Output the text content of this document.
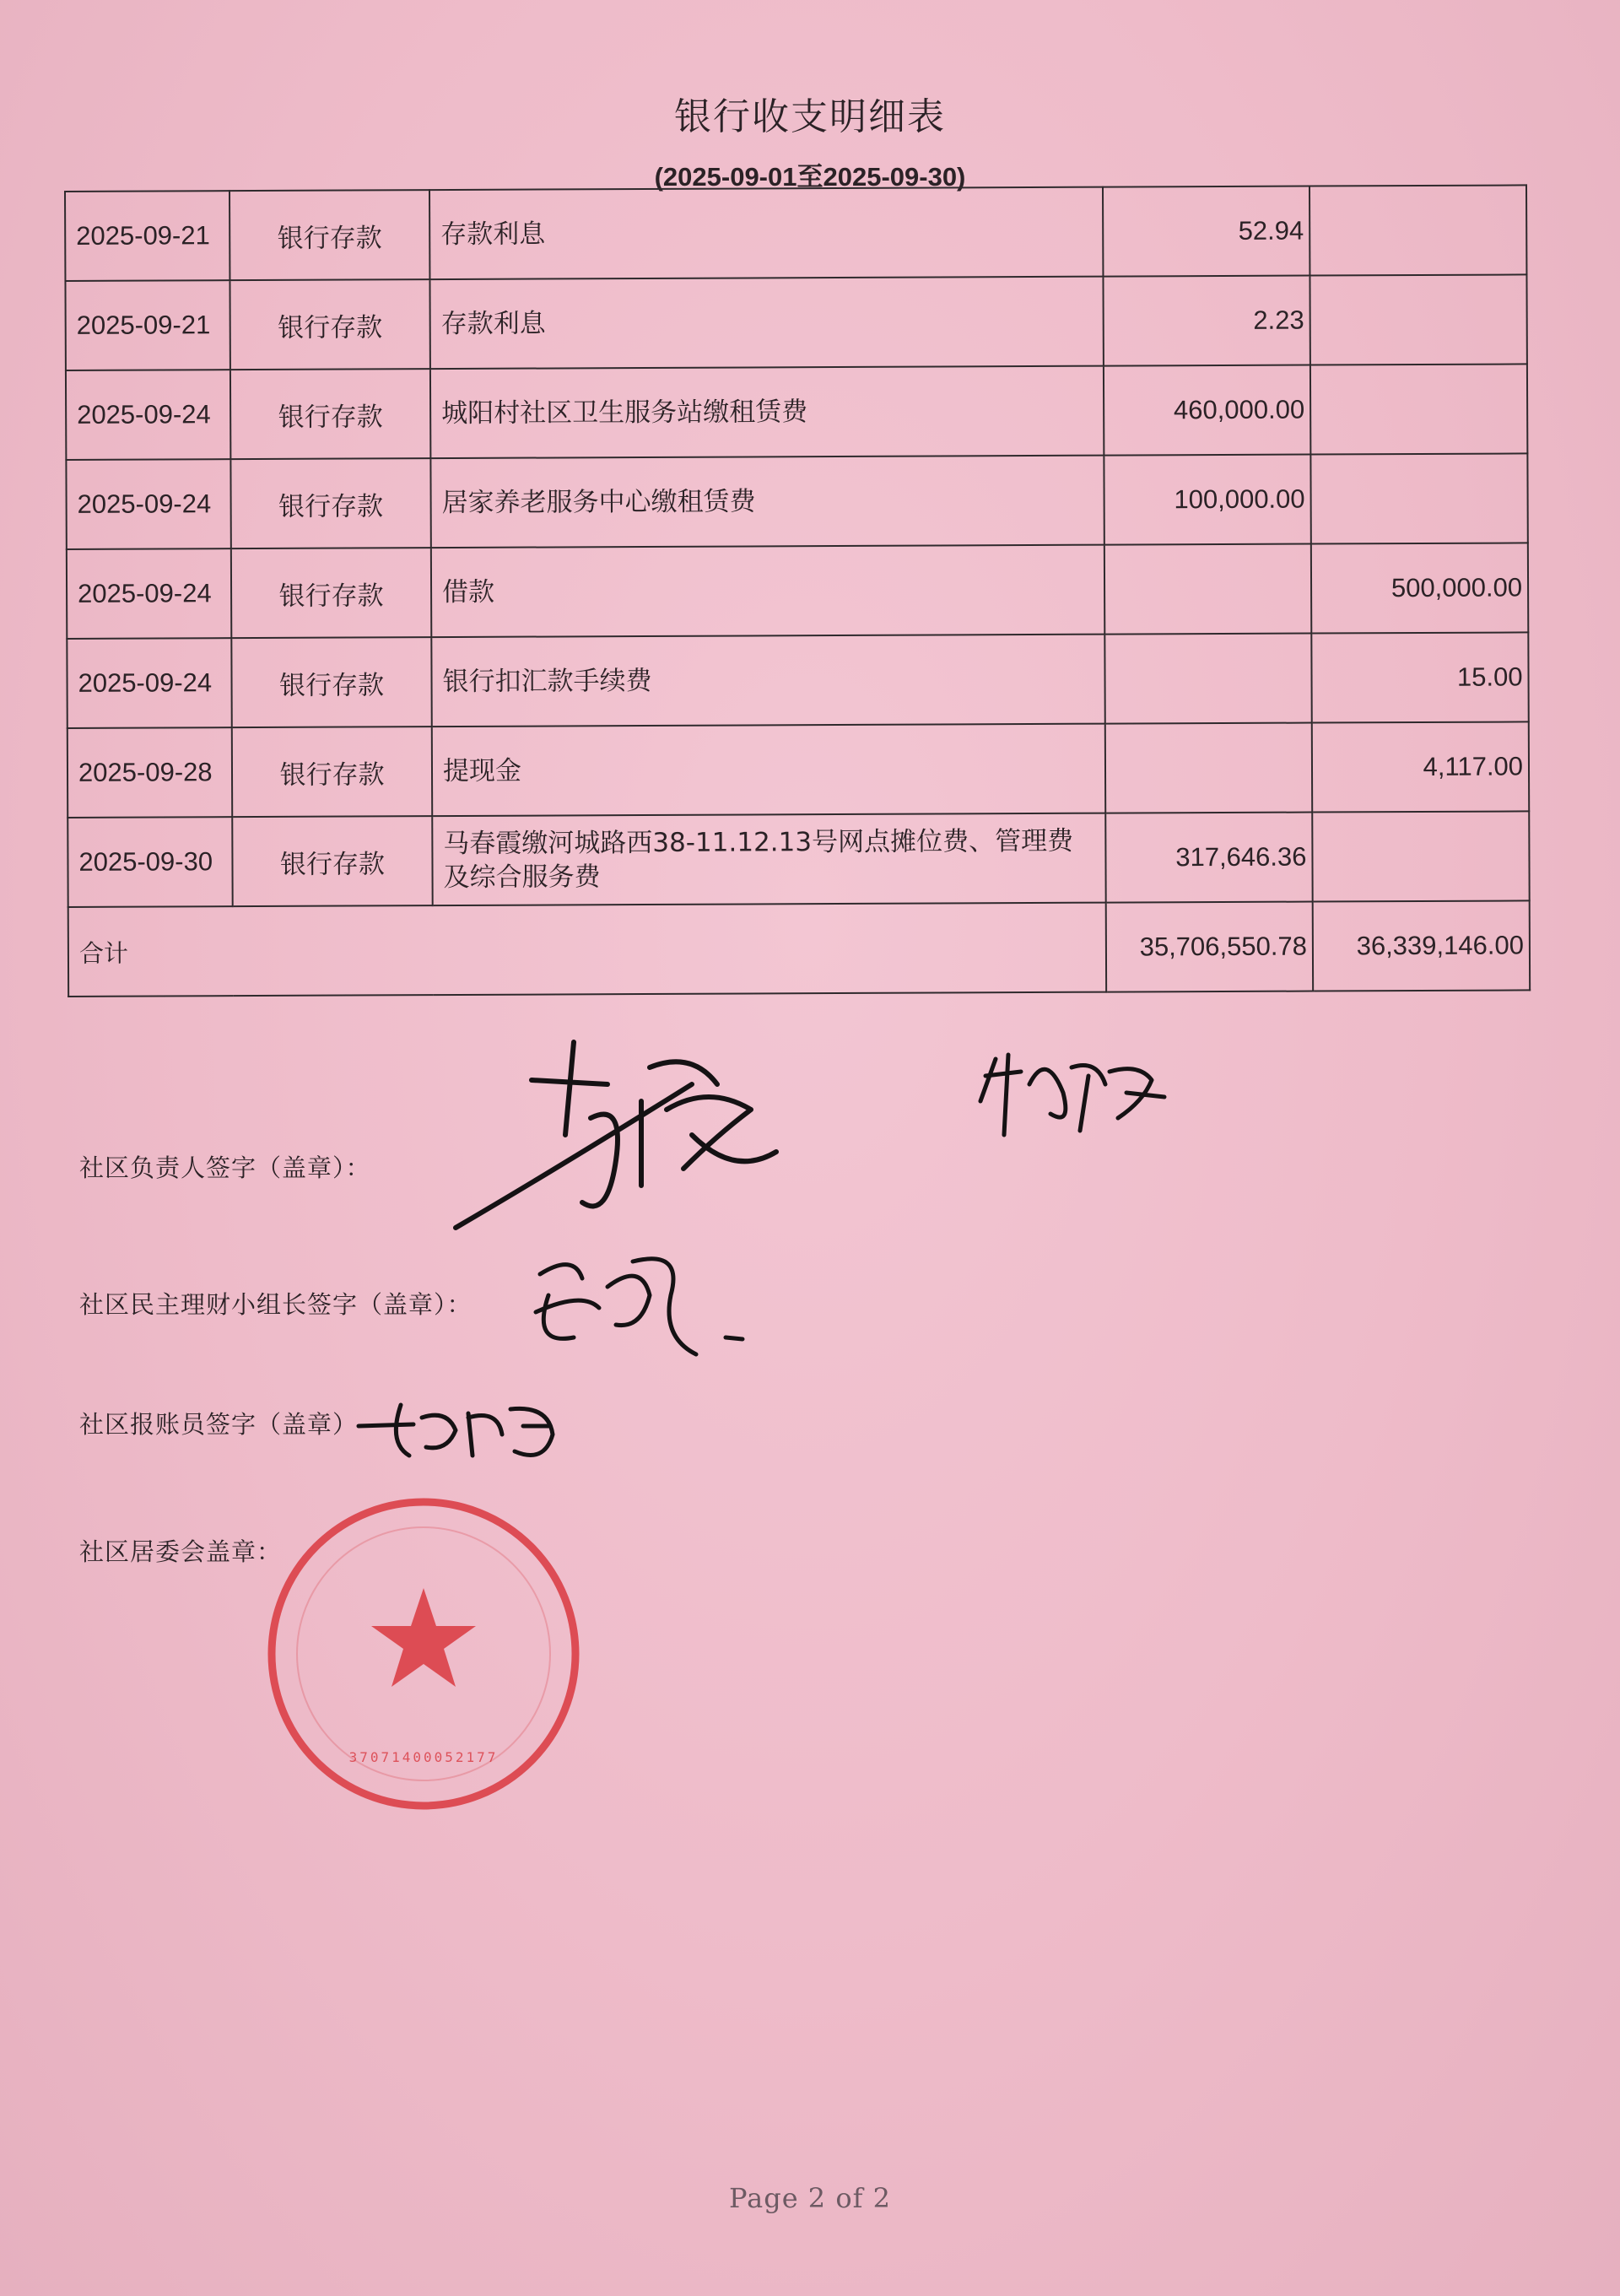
银行收支明细表
(2025-09-01至2025-09-30)
2025-09-21	银行存款	存款利息	52.94	
2025-09-21	银行存款	存款利息	2.23	
2025-09-24	银行存款	城阳村社区卫生服务站缴租赁费	460,000.00	
2025-09-24	银行存款	居家养老服务中心缴租赁费	100,000.00	
2025-09-24	银行存款	借款		500,000.00
2025-09-24	银行存款	银行扣汇款手续费		15.00
2025-09-28	银行存款	提现金		4,117.00
2025-09-30	银行存款	马春霞缴河城路西38-11.12.13号网点摊位费、管理费及综合服务费	317,646.36	
合计			35,706,550.78	36,339,146.00
37071400052177
社区负责人签字（盖章）：
社区民主理财小组长签字（盖章）：
社区报账员签字（盖章）
社区居委会盖章：
Page 2 of 2
